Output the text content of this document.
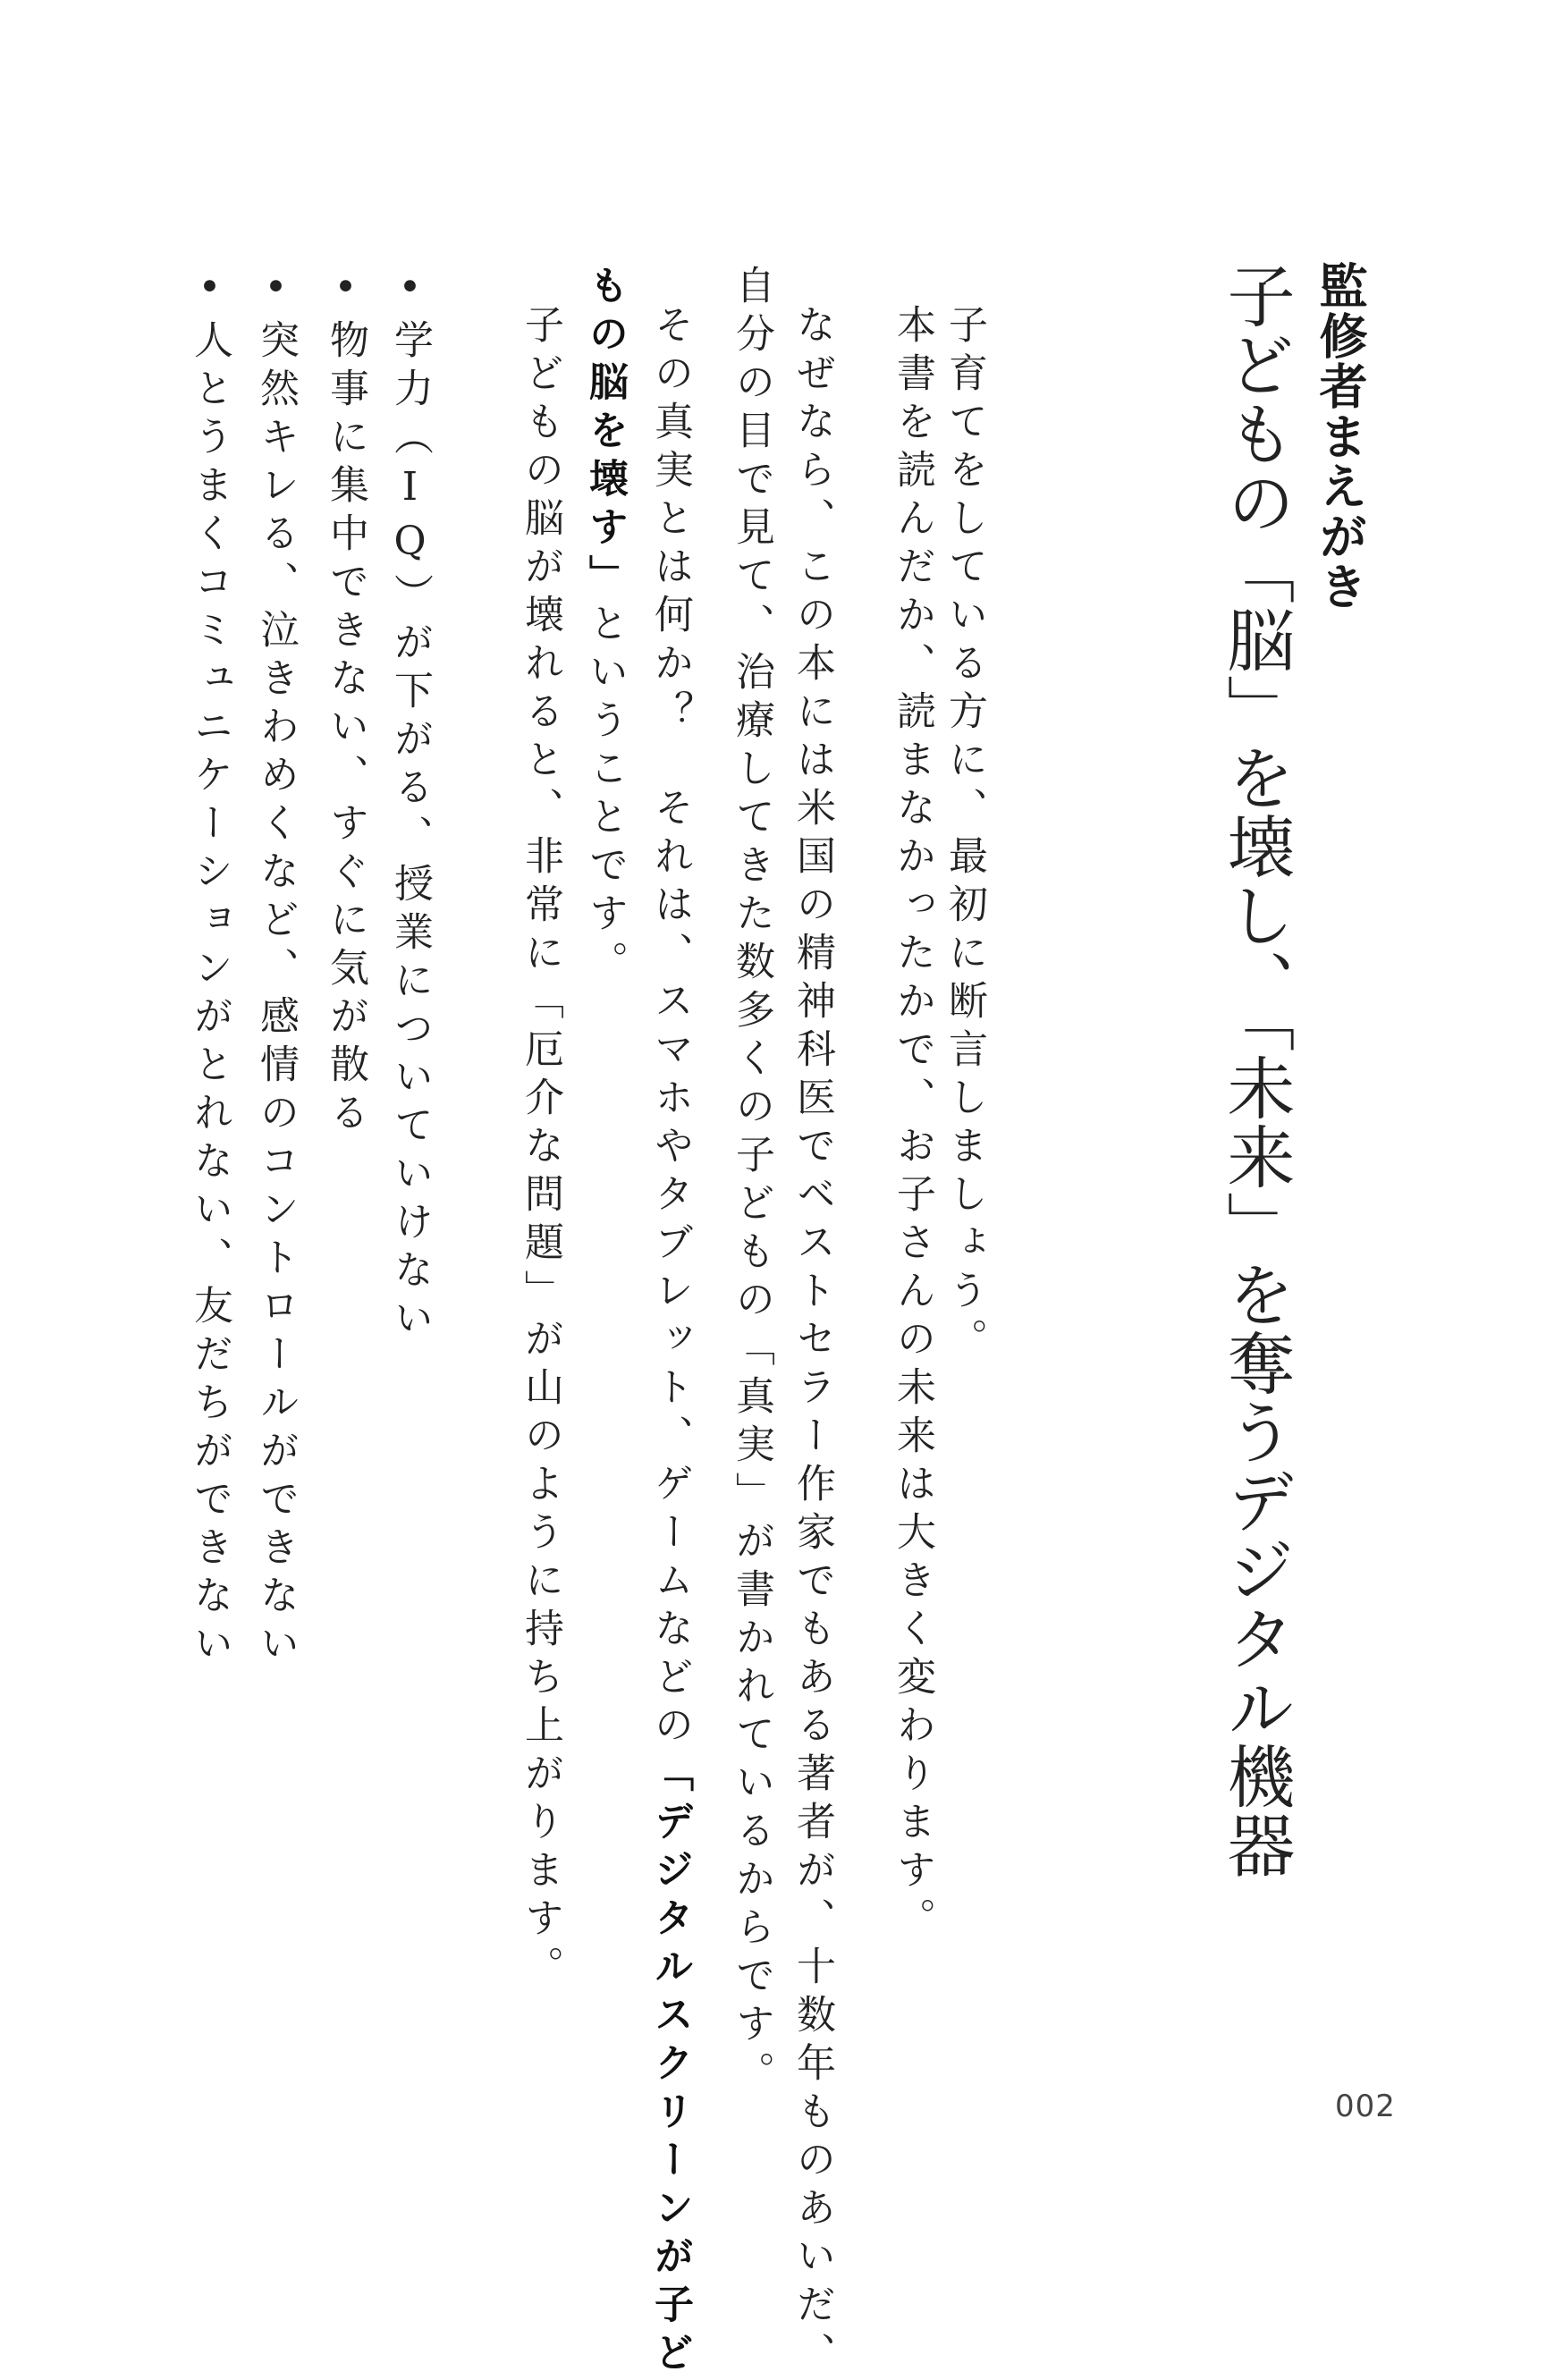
監修者まえがき
子どもの「脳」を壊し、「未来」を奪うデジタル機器
子育てをしている方に、最初に断言しましょう。
本書を読んだか、読まなかったかで、お子さんの未来は大きく変わります。
なぜなら、この本には米国の精神科医でベストセラー作家でもある著者が、十数年ものあいだ、
自分の目で見て、治療してきた数多くの子どもの「真実」が書かれているからです。
その真実とは何か？　それは、スマホやタブレット、ゲームなどの「デジタルスクリーンが子ど
もの脳を壊す」ということです。
子どもの脳が壊れると、非常に「厄介な問題」が山のように持ち上がります。
•学力（IQ）が下がる、授業についていけない
•物事に集中できない、すぐに気が散る
•突然キレる、泣きわめくなど、感情のコントロールができない
•人とうまくコミュニケーションがとれない、友だちができない
002
